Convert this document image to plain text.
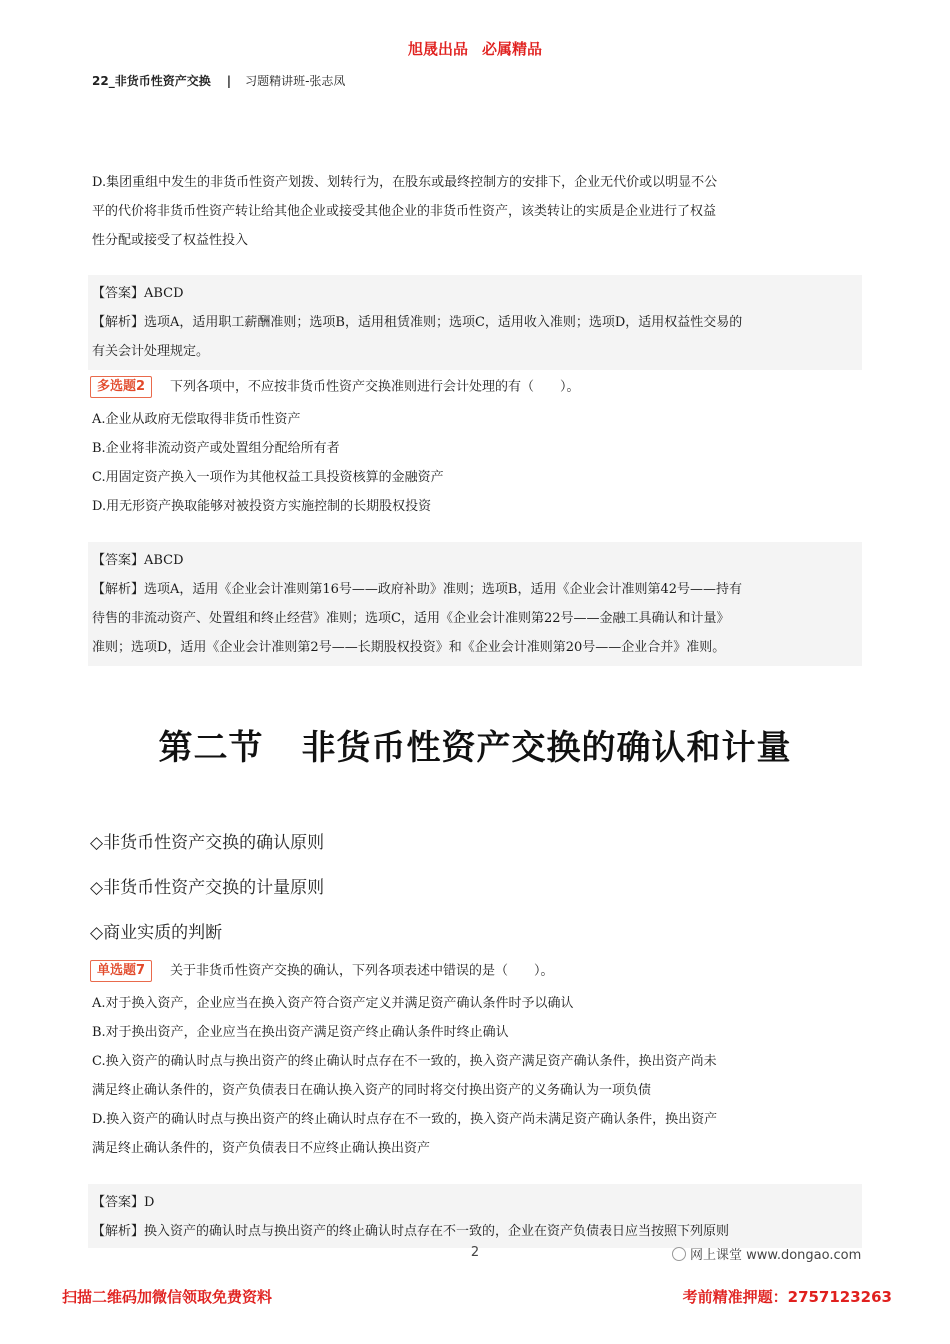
旭晟出品 必属精品
22_非货币性资产交换 | 习题精讲班-张志凤
D.集团重组中发生的非货币性资产划拨、划转行为，在股东或最终控制方的安排下，企业无代价或以明显不公
平的代价将非货币性资产转让给其他企业或接受其他企业的非货币性资产，该类转让的实质是企业进行了权益
性分配或接受了权益性投入
【答案】ABCD
【解析】选项A，适用职工薪酬准则；选项B，适用租赁准则；选项C，适用收入准则；选项D，适用权益性交易的
有关会计处理规定。
多选题2 下列各项中，不应按非货币性资产交换准则进行会计处理的有（　　）。
A.企业从政府无偿取得非货币性资产
B.企业将非流动资产或处置组分配给所有者
C.用固定资产换入一项作为其他权益工具投资核算的金融资产
D.用无形资产换取能够对被投资方实施控制的长期股权投资
【答案】ABCD
【解析】选项A，适用《企业会计准则第16号——政府补助》准则；选项B，适用《企业会计准则第42号——持有
待售的非流动资产、处置组和终止经营》准则；选项C，适用《企业会计准则第22号——金融工具确认和计量》
准则；选项D，适用《企业会计准则第2号——长期股权投资》和《企业会计准则第20号——企业合并》准则。
第二节 非货币性资产交换的确认和计量
◇非货币性资产交换的确认原则
◇非货币性资产交换的计量原则
◇商业实质的判断
单选题7 关于非货币性资产交换的确认，下列各项表述中错误的是（　　）。
A.对于换入资产，企业应当在换入资产符合资产定义并满足资产确认条件时予以确认
B.对于换出资产，企业应当在换出资产满足资产终止确认条件时终止确认
C.换入资产的确认时点与换出资产的终止确认时点存在不一致的，换入资产满足资产确认条件，换出资产尚未
满足终止确认条件的，资产负债表日在确认换入资产的同时将交付换出资产的义务确认为一项负债
D.换入资产的确认时点与换出资产的终止确认时点存在不一致的，换入资产尚未满足资产确认条件，换出资产
满足终止确认条件的，资产负债表日不应终止确认换出资产
【答案】D
【解析】换入资产的确认时点与换出资产的终止确认时点存在不一致的，企业在资产负债表日应当按照下列原则
2	网上课堂 www.dongao.com
扫描二维码加微信领取免费资料	考前精准押题：2757123263
